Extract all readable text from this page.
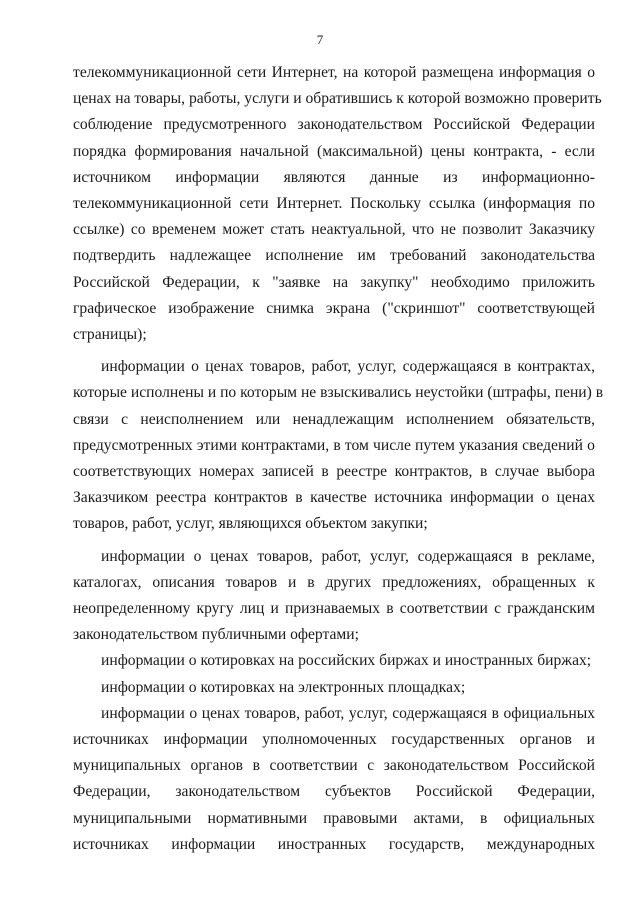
7

телекоммуникационной сети Интернет, на которой размещена информация о
ценах на товары, работы, услуги и обратившись к которой возможно проверить
соблюдение предусмотренного законодательством Российской Федерации
порядка формирования начальной (максимальной) цены контракта, - если
источником информации являются данные из информационно-
телекоммуникационной сети Интернет. Поскольку ссылка (информация по
ссылке) со временем может стать неактуальной, что не позволит Заказчику
подтвердить надлежащее исполнение им требований законодательства
Российской Федерации, к "заявке на закупку" необходимо приложить
графическое изображение снимка экрана ("скриншот" соответствующей
страницы);

информации о ценах товаров, работ, услуг, содержащаяся в контрактах,
которые исполнены и по которым не взыскивались неустойки (штрафы, пени) в
связи с неисполнением или ненадлежащим исполнением обязательств,
предусмотренных этими контрактами, в том числе путем указания сведений о
соответствующих номерах записей в реестре контрактов, в случае выбора
Заказчиком реестра контрактов в качестве источника информации о ценах
товаров, работ, услуг, являющихся объектом закупки;

информации о ценах товаров, работ, услуг, содержащаяся в рекламе,
каталогах, описания товаров и в других предложениях, обращенных к
неопределенному кругу лиц и признаваемых в соответствии с гражданским
законодательством публичными офертами;

информации о котировках на российских биржах и иностранных биржах;

информации о котировках на электронных площадках;

информации о ценах товаров, работ, услуг, содержащаяся в официальных
источниках информации уполномоченных государственных органов и
муниципальных органов в соответствии с законодательством Российской
Федерации, законодательством субъектов Российской Федерации,
муниципальными нормативными правовыми актами, в официальных
источниках информации иностранных государств, международных
